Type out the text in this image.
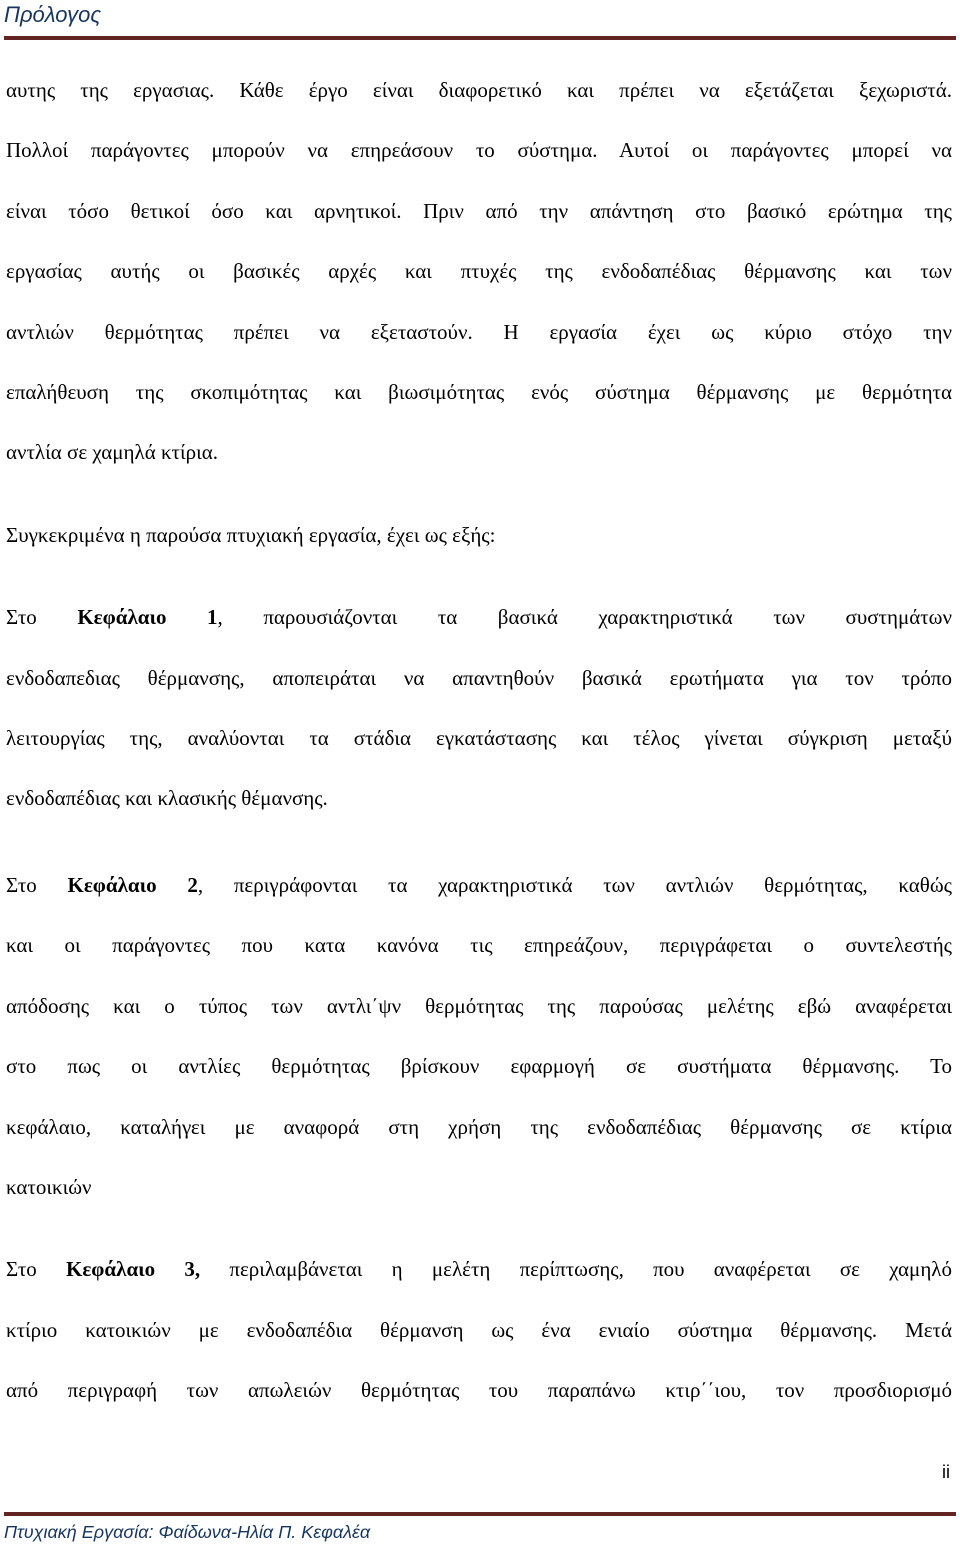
Πρόλογος

αυτης της εργασιας. Κάθε έργο είναι διαφορετικό και πρέπει να εξετάζεται ξεχωριστά.
Πολλοί παράγοντες μπορούν να επηρεάσουν το σύστημα. Αυτοί οι παράγοντες μπορεί να
είναι τόσο θετικοί όσο και αρνητικοί. Πριν από την απάντηση στο βασικό ερώτημα της
εργασίας αυτής οι βασικές αρχές και πτυχές της ενδοδαπέδιας θέρμανσης και των
αντλιών θερμότητας πρέπει να εξεταστούν. Η εργασία έχει ως κύριο στόχο την
επαλήθευση της σκοπιμότητας και βιωσιμότητας ενός σύστημα θέρμανσης με θερμότητα
αντλία σε χαμηλά κτίρια.

Συγκεκριμένα η παρούσα πτυχιακή εργασία, έχει ως εξής:

Στο Κεφάλαιο 1, παρουσιάζονται τα βασικά χαρακτηριστικά των συστημάτων
ενδοδαπεδιας θέρμανσης, αποπειράται να απαντηθούν βασικά ερωτήματα για τον τρόπο
λειτουργίας της, αναλύονται τα στάδια εγκατάστασης και τέλος γίνεται σύγκριση μεταξύ
ενδοδαπέδιας και κλασικής θέμανσης.

Στο Κεφάλαιο 2, περιγράφονται τα χαρακτηριστικά των αντλιών θερμότητας, καθώς
και οι παράγοντες που κατα κανόνα τις επηρεάζουν, περιγράφεται ο συντελεστής
απόδοσης και ο τύπος των αντλι΄ψν θερμότητας της παρούσας μελέτης εβώ αναφέρεται
στο πως οι αντλίες θερμότητας βρίσκουν εφαρμογή σε συστήματα θέρμανσης. Το
κεφάλαιο, καταλήγει με αναφορά στη χρήση της ενδοδαπέδιας θέρμανσης σε κτίρια
κατοικιών

Στο Κεφάλαιο 3, περιλαμβάνεται η μελέτη περίπτωσης, που αναφέρεται σε χαμηλό
κτίριο κατοικιών με ενδοδαπέδια θέρμανση ως ένα ενιαίο σύστημα θέρμανσης. Μετά
από περιγραφή των απωλειών θερμότητας του παραπάνω κτιρ΄΄ιου, τον προσδιορισμό

ii
Πτυχιακή Εργασία: Φαίδωνα-Ηλία Π. Κεφαλέα
